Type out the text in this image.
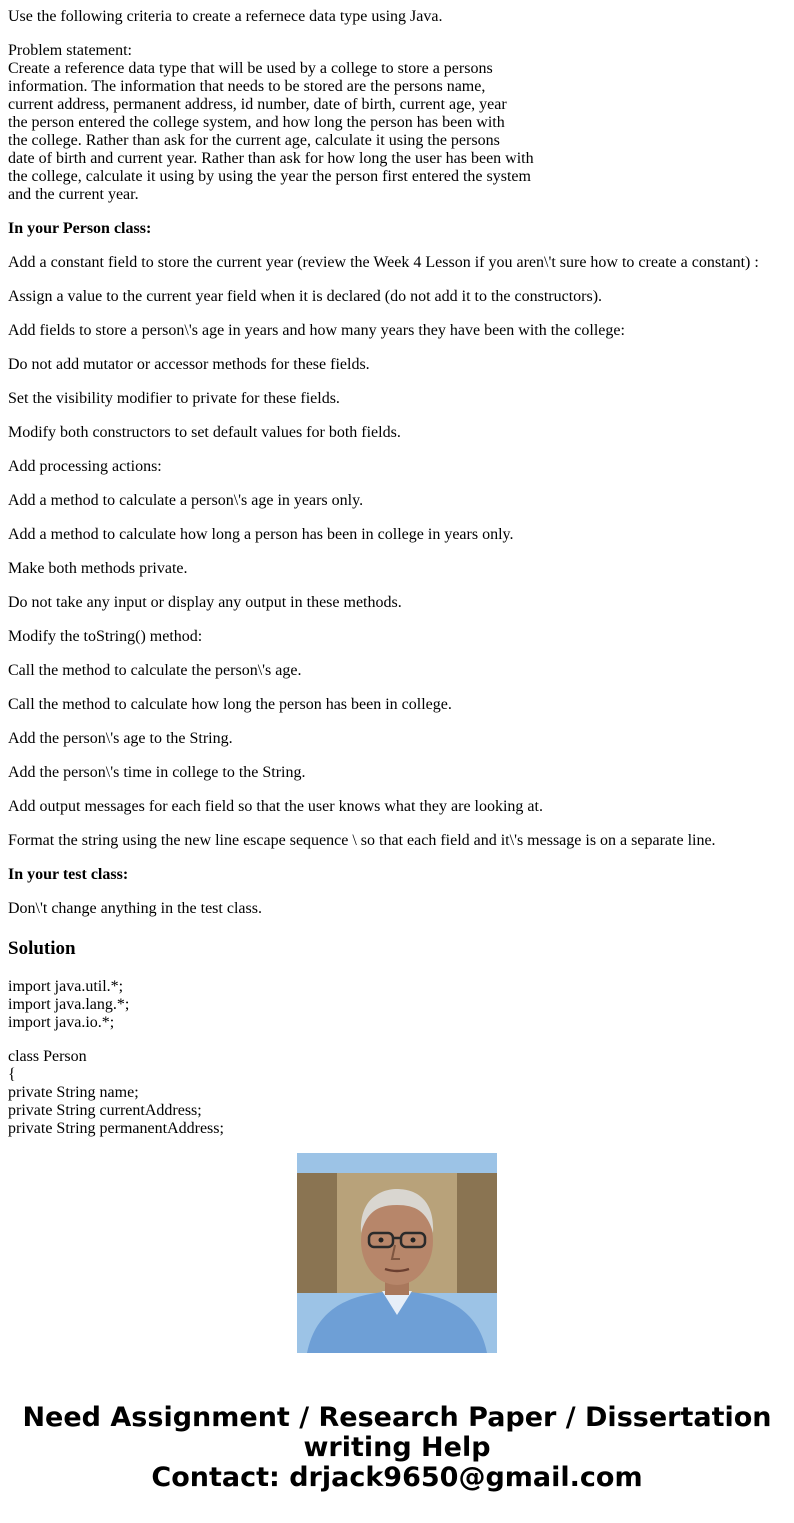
Use the following criteria to create a refernece data type using Java.
Problem statement:
Create a reference data type that will be used by a college to store a persons
information. The information that needs to be stored are the persons name,
current address, permanent address, id number, date of birth, current age, year
the person entered the college system, and how long the person has been with
the college. Rather than ask for the current age, calculate it using the persons
date of birth and current year. Rather than ask for how long the user has been with
the college, calculate it using by using the year the person first entered the system
and the current year.
In your Person class:
Add a constant field to store the current year (review the Week 4 Lesson if you aren\'t sure how to create a constant) :
Assign a value to the current year field when it is declared (do not add it to the constructors).
Add fields to store a person\'s age in years and how many years they have been with the college:
Do not add mutator or accessor methods for these fields.
Set the visibility modifier to private for these fields.
Modify both constructors to set default values for both fields.
Add processing actions:
Add a method to calculate a person\'s age in years only.
Add a method to calculate how long a person has been in college in years only.
Make both methods private.
Do not take any input or display any output in these methods.
Modify the toString() method:
Call the method to calculate the person\'s age.
Call the method to calculate how long the person has been in college.
Add the person\'s age to the String.
Add the person\'s time in college to the String.
Add output messages for each field so that the user knows what they are looking at.
Format the string using the new line escape sequence \ so that each field and it\'s message is on a separate line.
In your test class:
Don\'t change anything in the test class.
Solution
import java.util.*;
import java.lang.*;
import java.io.*;
class Person
{
private String name;
private String currentAddress;
private String permanentAddress;
Need Assignment / Research Paper / Dissertation
writing Help
Contact: drjack9650@gmail.com
